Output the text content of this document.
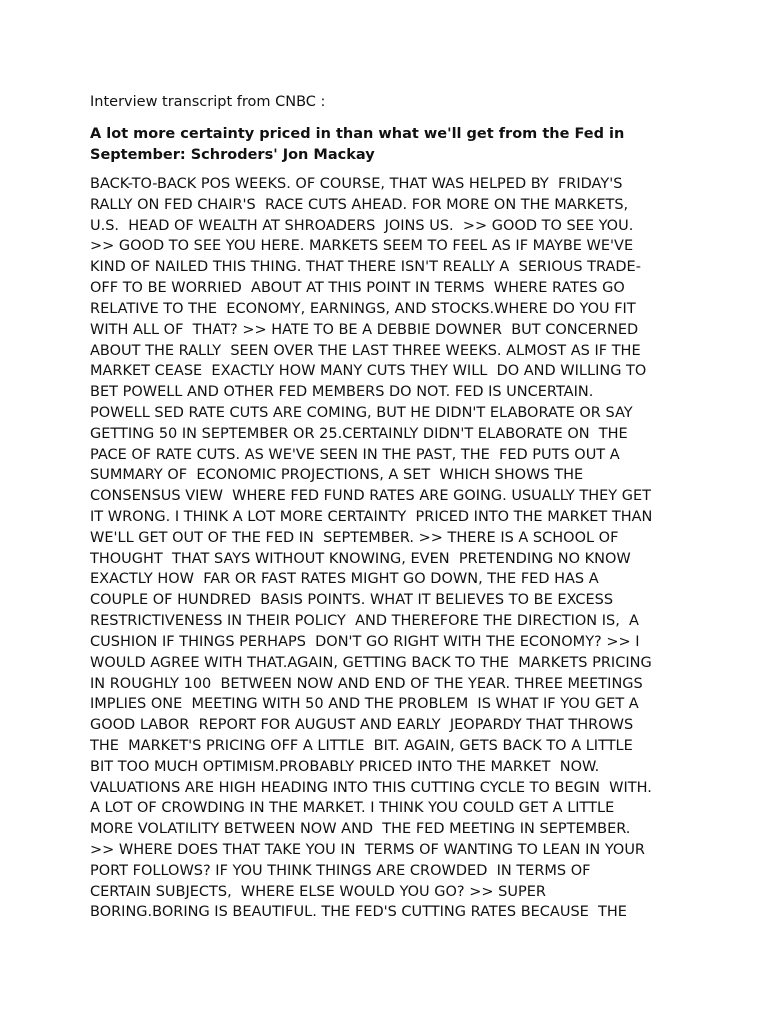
Interview transcript from CNBC :
A lot more certainty priced in than what we'll get from the Fed in
September: Schroders' Jon Mackay
BACK-TO-BACK POS WEEKS. OF COURSE, THAT WAS HELPED BY  FRIDAY'S
RALLY ON FED CHAIR'S  RACE CUTS AHEAD. FOR MORE ON THE MARKETS,
U.S.  HEAD OF WEALTH AT SHROADERS  JOINS US.  >> GOOD TO SEE YOU.
>> GOOD TO SEE YOU HERE. MARKETS SEEM TO FEEL AS IF MAYBE WE'VE
KIND OF NAILED THIS THING. THAT THERE ISN'T REALLY A  SERIOUS TRADE-
OFF TO BE WORRIED  ABOUT AT THIS POINT IN TERMS  WHERE RATES GO
RELATIVE TO THE  ECONOMY, EARNINGS, AND STOCKS.WHERE DO YOU FIT
WITH ALL OF  THAT? >> HATE TO BE A DEBBIE DOWNER  BUT CONCERNED
ABOUT THE RALLY  SEEN OVER THE LAST THREE WEEKS. ALMOST AS IF THE
MARKET CEASE  EXACTLY HOW MANY CUTS THEY WILL  DO AND WILLING TO
BET POWELL AND OTHER FED MEMBERS DO NOT. FED IS UNCERTAIN.
POWELL SED RATE CUTS ARE COMING, BUT HE DIDN'T ELABORATE OR SAY
GETTING 50 IN SEPTEMBER OR 25.CERTAINLY DIDN'T ELABORATE ON  THE
PACE OF RATE CUTS. AS WE'VE SEEN IN THE PAST, THE  FED PUTS OUT A
SUMMARY OF  ECONOMIC PROJECTIONS, A SET  WHICH SHOWS THE
CONSENSUS VIEW  WHERE FED FUND RATES ARE GOING. USUALLY THEY GET
IT WRONG. I THINK A LOT MORE CERTAINTY  PRICED INTO THE MARKET THAN
WE'LL GET OUT OF THE FED IN  SEPTEMBER. >> THERE IS A SCHOOL OF
THOUGHT  THAT SAYS WITHOUT KNOWING, EVEN  PRETENDING NO KNOW
EXACTLY HOW  FAR OR FAST RATES MIGHT GO DOWN, THE FED HAS A
COUPLE OF HUNDRED  BASIS POINTS. WHAT IT BELIEVES TO BE EXCESS
RESTRICTIVENESS IN THEIR POLICY  AND THEREFORE THE DIRECTION IS,  A
CUSHION IF THINGS PERHAPS  DON'T GO RIGHT WITH THE ECONOMY? >> I
WOULD AGREE WITH THAT.AGAIN, GETTING BACK TO THE  MARKETS PRICING
IN ROUGHLY 100  BETWEEN NOW AND END OF THE YEAR. THREE MEETINGS
IMPLIES ONE  MEETING WITH 50 AND THE PROBLEM  IS WHAT IF YOU GET A
GOOD LABOR  REPORT FOR AUGUST AND EARLY  JEOPARDY THAT THROWS
THE  MARKET'S PRICING OFF A LITTLE  BIT. AGAIN, GETS BACK TO A LITTLE
BIT TOO MUCH OPTIMISM.PROBABLY PRICED INTO THE MARKET  NOW.
VALUATIONS ARE HIGH HEADING INTO THIS CUTTING CYCLE TO BEGIN  WITH.
A LOT OF CROWDING IN THE MARKET. I THINK YOU COULD GET A LITTLE
MORE VOLATILITY BETWEEN NOW AND  THE FED MEETING IN SEPTEMBER.
>> WHERE DOES THAT TAKE YOU IN  TERMS OF WANTING TO LEAN IN YOUR
PORT FOLLOWS? IF YOU THINK THINGS ARE CROWDED  IN TERMS OF
CERTAIN SUBJECTS,  WHERE ELSE WOULD YOU GO? >> SUPER
BORING.BORING IS BEAUTIFUL. THE FED'S CUTTING RATES BECAUSE  THE
